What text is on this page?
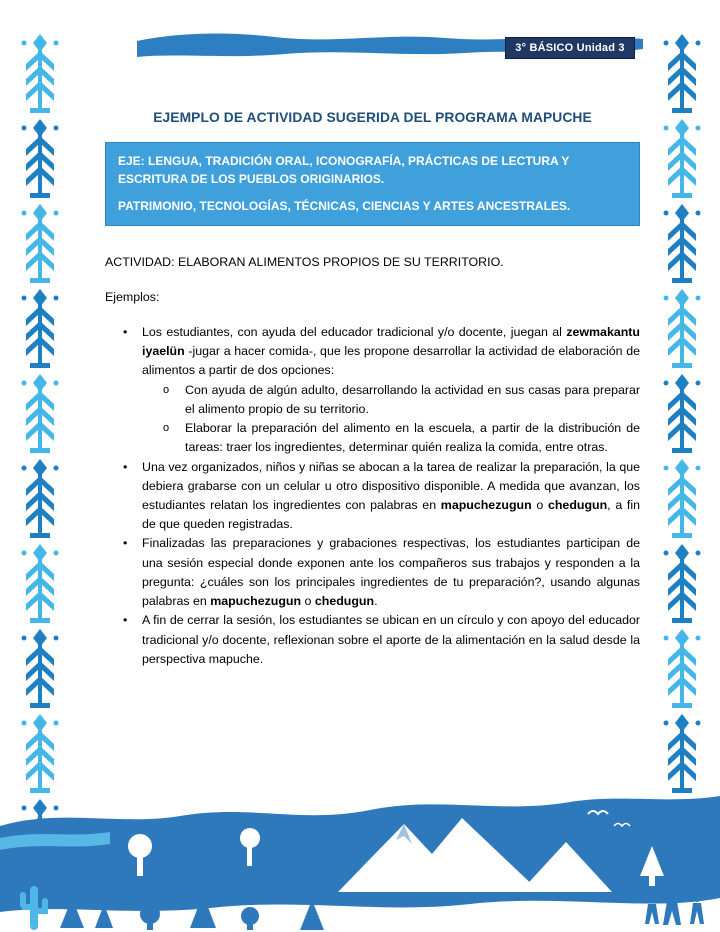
3° BÁSICO Unidad 3
EJEMPLO DE ACTIVIDAD SUGERIDA DEL PROGRAMA MAPUCHE

EJE: LENGUA, TRADICIÓN ORAL, ICONOGRAFÍA, PRÁCTICAS DE LECTURA Y ESCRITURA DE LOS PUEBLOS ORIGINARIOS.

PATRIMONIO, TECNOLOGÍAS, TÉCNICAS, CIENCIAS Y ARTES ANCESTRALES.

ACTIVIDAD: ELABORAN ALIMENTOS PROPIOS DE SU TERRITORIO.
Ejemplos:
• Los estudiantes, con ayuda del educador tradicional y/o docente, juegan al zewmakantu iyaelün -jugar a hacer comida-, que les propone desarrollar la actividad de elaboración de alimentos a partir de dos opciones:
o Con ayuda de algún adulto, desarrollando la actividad en sus casas para preparar el alimento propio de su territorio.
o Elaborar la preparación del alimento en la escuela, a partir de la distribución de tareas: traer los ingredientes, determinar quién realiza la comida, entre otras.
• Una vez organizados, niños y niñas se abocan a la tarea de realizar la preparación, la que debiera grabarse con un celular u otro dispositivo disponible. A medida que avanzan, los estudiantes relatan los ingredientes con palabras en mapuchezugun o chedugun, a fin de que queden registradas.
• Finalizadas las preparaciones y grabaciones respectivas, los estudiantes participan de una sesión especial donde exponen ante los compañeros sus trabajos y responden a la pregunta: ¿cuáles son los principales ingredientes de tu preparación?, usando algunas palabras en mapuchezugun o chedugun.
• A fin de cerrar la sesión, los estudiantes se ubican en un círculo y con apoyo del educador tradicional y/o docente, reflexionan sobre el aporte de la alimentación en la salud desde la perspectiva mapuche.
